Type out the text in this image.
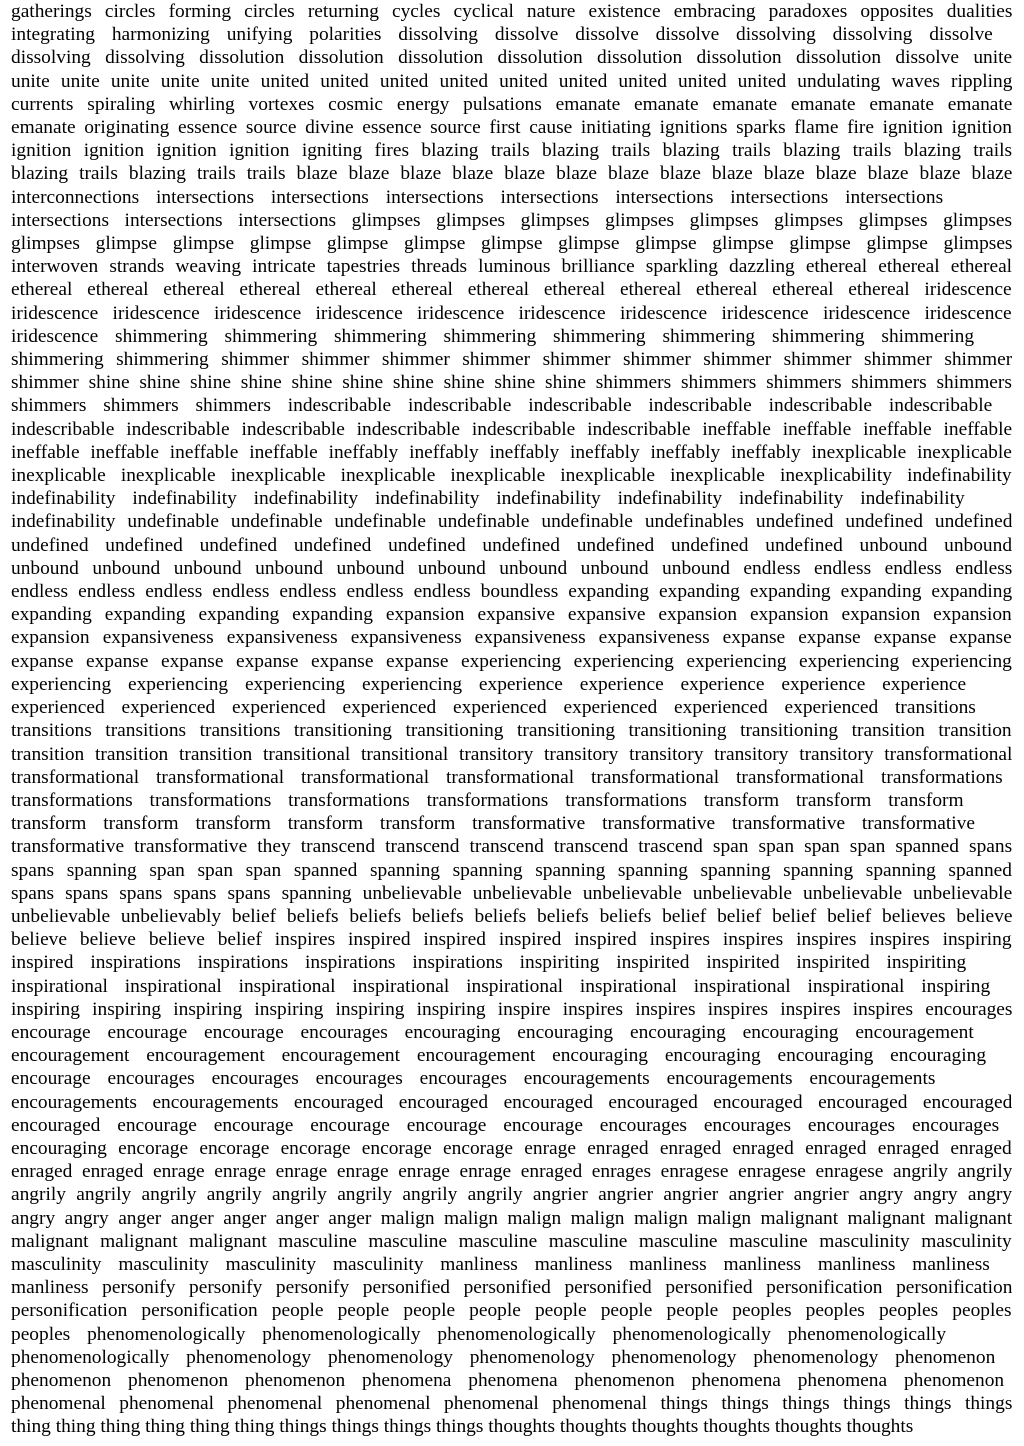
gatherings circles forming circles returning cycles cyclical nature existence embracing paradoxes opposites dualities
integrating harmonizing unifying polarities dissolving dissolve dissolve dissolve dissolving dissolving dissolve
dissolving dissolving dissolution dissolution dissolution dissolution dissolution dissolution dissolution dissolve unite
unite unite unite unite unite united united united united united united united united united undulating waves rippling
currents spiraling whirling vortexes cosmic energy pulsations emanate emanate emanate emanate emanate emanate
emanate originating essence source divine essence source first cause initiating ignitions sparks flame fire ignition ignition
ignition ignition ignition ignition igniting fires blazing trails blazing trails blazing trails blazing trails blazing trails
blazing trails blazing trails trails blaze blaze blaze blaze blaze blaze blaze blaze blaze blaze blaze blaze blaze blaze
interconnections intersections intersections intersections intersections intersections intersections intersections
intersections intersections intersections glimpses glimpses glimpses glimpses glimpses glimpses glimpses glimpses
glimpses glimpse glimpse glimpse glimpse glimpse glimpse glimpse glimpse glimpse glimpse glimpse glimpses
interwoven strands weaving intricate tapestries threads luminous brilliance sparkling dazzling ethereal ethereal ethereal
ethereal ethereal ethereal ethereal ethereal ethereal ethereal ethereal ethereal ethereal ethereal ethereal iridescence
iridescence iridescence iridescence iridescence iridescence iridescence iridescence iridescence iridescence iridescence
iridescence shimmering shimmering shimmering shimmering shimmering shimmering shimmering shimmering
shimmering shimmering shimmer shimmer shimmer shimmer shimmer shimmer shimmer shimmer shimmer shimmer
shimmer shine shine shine shine shine shine shine shine shine shine shimmers shimmers shimmers shimmers shimmers
shimmers shimmers shimmers indescribable indescribable indescribable indescribable indescribable indescribable
indescribable indescribable indescribable indescribable indescribable indescribable ineffable ineffable ineffable ineffable
ineffable ineffable ineffable ineffable ineffably ineffably ineffably ineffably ineffably ineffably inexplicable inexplicable
inexplicable inexplicable inexplicable inexplicable inexplicable inexplicable inexplicable inexplicability indefinability
indefinability indefinability indefinability indefinability indefinability indefinability indefinability indefinability
indefinability undefinable undefinable undefinable undefinable undefinable undefinables undefined undefined undefined
undefined undefined undefined undefined undefined undefined undefined undefined undefined unbound unbound
unbound unbound unbound unbound unbound unbound unbound unbound unbound endless endless endless endless
endless endless endless endless endless endless endless boundless expanding expanding expanding expanding expanding
expanding expanding expanding expanding expansion expansive expansive expansion expansion expansion expansion
expansion expansiveness expansiveness expansiveness expansiveness expansiveness expanse expanse expanse expanse
expanse expanse expanse expanse expanse expanse experiencing experiencing experiencing experiencing experiencing
experiencing experiencing experiencing experiencing experience experience experience experience experience
experienced experienced experienced experienced experienced experienced experienced experienced transitions
transitions transitions transitions transitioning transitioning transitioning transitioning transitioning transition transition
transition transition transition transitional transitional transitory transitory transitory transitory transitory transformational
transformational transformational transformational transformational transformational transformational transformations
transformations transformations transformations transformations transformations transform transform transform
transform transform transform transform transform transformative transformative transformative transformative
transformative transformative they transcend transcend transcend transcend trascend span span span span spanned spans
spans spanning span span span spanned spanning spanning spanning spanning spanning spanning spanning spanned
spans spans spans spans spans spanning unbelievable unbelievable unbelievable unbelievable unbelievable unbelievable
unbelievable unbelievably belief beliefs beliefs beliefs beliefs beliefs beliefs belief belief belief belief believes believe
believe believe believe belief inspires inspired inspired inspired inspired inspires inspires inspires inspires inspiring
inspired inspirations inspirations inspirations inspirations inspiriting inspirited inspirited inspirited inspiriting
inspirational inspirational inspirational inspirational inspirational inspirational inspirational inspirational inspiring
inspiring inspiring inspiring inspiring inspiring inspiring inspire inspires inspires inspires inspires inspires encourages
encourage encourage encourage encourages encouraging encouraging encouraging encouraging encouragement
encouragement encouragement encouragement encouragement encouraging encouraging encouraging encouraging
encourage encourages encourages encourages encourages encouragements encouragements encouragements
encouragements encouragements encouraged encouraged encouraged encouraged encouraged encouraged encouraged
encouraged encourage encourage encourage encourage encourage encourages encourages encourages encourages
encouraging encorage encorage encorage encorage encorage enrage enraged enraged enraged enraged enraged enraged
enraged enraged enrage enrage enrage enrage enrage enrage enraged enrages enragese enragese enragese angrily angrily
angrily angrily angrily angrily angrily angrily angrily angrily angrier angrier angrier angrier angrier angry angry angry
angry angry anger anger anger anger anger malign malign malign malign malign malign malignant malignant malignant
malignant malignant malignant masculine masculine masculine masculine masculine masculine masculinity masculinity
masculinity masculinity masculinity masculinity manliness manliness manliness manliness manliness manliness
manliness personify personify personify personified personified personified personified personification personification
personification personification people people people people people people people peoples peoples peoples peoples
peoples phenomenologically phenomenologically phenomenologically phenomenologically phenomenologically
phenomenologically phenomenology phenomenology phenomenology phenomenology phenomenology phenomenon
phenomenon phenomenon phenomenon phenomena phenomena phenomenon phenomena phenomena phenomenon
phenomenal phenomenal phenomenal phenomenal phenomenal phenomenal things things things things things things
thing thing thing thing thing thing things things things things thoughts thoughts thoughts thoughts thoughts thoughts
